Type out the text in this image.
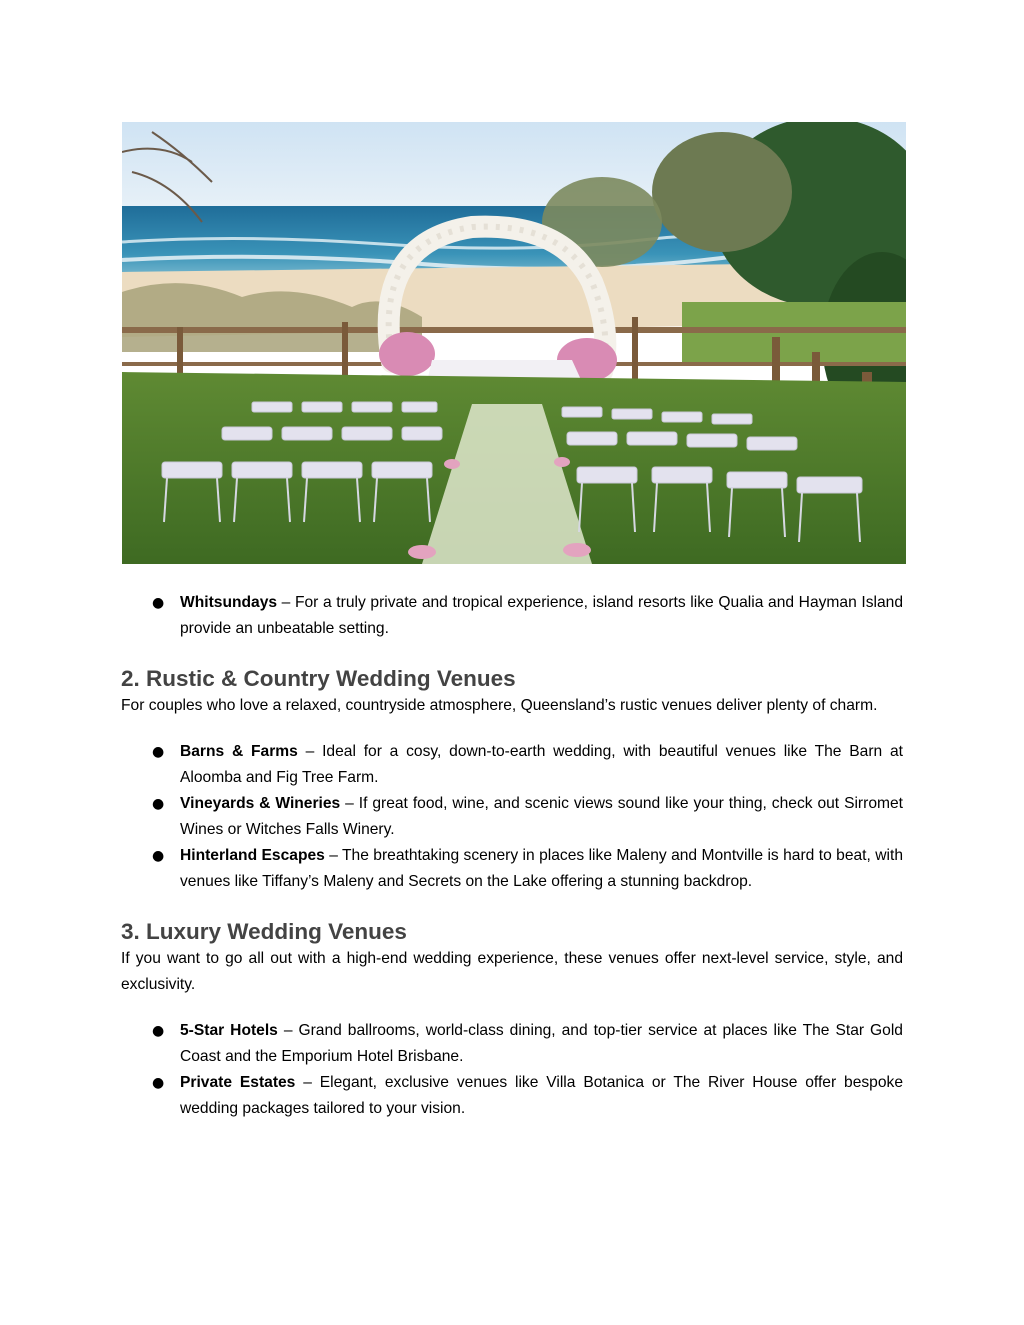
● Whitsundays – For a truly private and tropical experience, island resorts like Qualia and Hayman Island provide an unbeatable setting.
2. Rustic & Country Wedding Venues

For couples who love a relaxed, countryside atmosphere, Queensland’s rustic venues deliver plenty of charm.

● Barns & Farms – Ideal for a cosy, down-to-earth wedding, with beautiful venues like The Barn at Aloomba and Fig Tree Farm.
● Vineyards & Wineries – If great food, wine, and scenic views sound like your thing, check out Sirromet Wines or Witches Falls Winery.
● Hinterland Escapes – The breathtaking scenery in places like Maleny and Montville is hard to beat, with venues like Tiffany’s Maleny and Secrets on the Lake offering a stunning backdrop.
3. Luxury Wedding Venues

If you want to go all out with a high-end wedding experience, these venues offer next-level service, style, and exclusivity.

● 5-Star Hotels – Grand ballrooms, world-class dining, and top-tier service at places like The Star Gold Coast and the Emporium Hotel Brisbane.
● Private Estates – Elegant, exclusive venues like Villa Botanica or The River House offer bespoke wedding packages tailored to your vision.
